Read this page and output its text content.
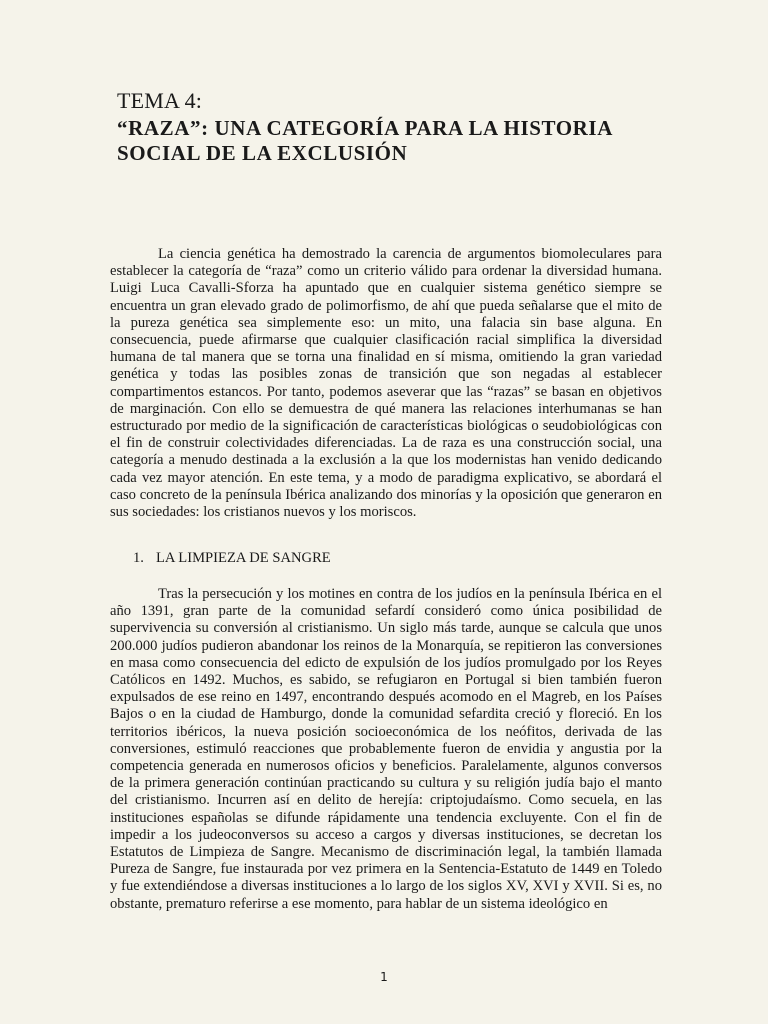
TEMA 4:
“RAZA”: UNA CATEGORÍA PARA LA HISTORIA
SOCIAL DE LA EXCLUSIÓN

La ciencia genética ha demostrado la carencia de argumentos biomoleculares para establecer la categoría de “raza” como un criterio válido para ordenar la diversidad humana. Luigi Luca Cavalli-Sforza ha apuntado que en cualquier sistema genético siempre se encuentra un gran elevado grado de polimorfismo, de ahí que pueda señalarse que el mito de la pureza genética sea simplemente eso: un mito, una falacia sin base alguna. En consecuencia, puede afirmarse que cualquier clasificación racial simplifica la diversidad humana de tal manera que se torna una finalidad en sí misma, omitiendo la gran variedad genética y todas las posibles zonas de transición que son negadas al establecer compartimentos estancos. Por tanto, podemos aseverar que las “razas” se basan en objetivos de marginación. Con ello se demuestra de qué manera las relaciones interhumanas se han estructurado por medio de la significación de características biológicas o seudobiológicas con el fin de construir colectividades diferenciadas. La de raza es una construcción social, una categoría a menudo destinada a la exclusión a la que los modernistas han venido dedicando cada vez mayor atención. En este tema, y a modo de paradigma explicativo, se abordará el caso concreto de la península Ibérica analizando dos minorías y la oposición que generaron en sus sociedades: los cristianos nuevos y los moriscos.

1. LA LIMPIEZA DE SANGRE

Tras la persecución y los motines en contra de los judíos en la península Ibérica en el año 1391, gran parte de la comunidad sefardí consideró como única posibilidad de supervivencia su conversión al cristianismo. Un siglo más tarde, aunque se calcula que unos 200.000 judíos pudieron abandonar los reinos de la Monarquía, se repitieron las conversiones en masa como consecuencia del edicto de expulsión de los judíos promulgado por los Reyes Católicos en 1492. Muchos, es sabido, se refugiaron en Portugal si bien también fueron expulsados de ese reino en 1497, encontrando después acomodo en el Magreb, en los Países Bajos o en la ciudad de Hamburgo, donde la comunidad sefardita creció y floreció. En los territorios ibéricos, la nueva posición socioeconómica de los neófitos, derivada de las conversiones, estimuló reacciones que probablemente fueron de envidia y angustia por la competencia generada en numerosos oficios y beneficios. Paralelamente, algunos conversos de la primera generación continúan practicando su cultura y su religión judía bajo el manto del cristianismo. Incurren así en delito de herejía: criptojudaísmo. Como secuela, en las instituciones españolas se difunde rápidamente una tendencia excluyente. Con el fin de impedir a los judeoconversos su acceso a cargos y diversas instituciones, se decretan los Estatutos de Limpieza de Sangre. Mecanismo de discriminación legal, la también llamada Pureza de Sangre, fue instaurada por vez primera en la Sentencia-Estatuto de 1449 en Toledo y fue extendiéndose a diversas instituciones a lo largo de los siglos XV, XVI y XVII. Si es, no obstante, prematuro referirse a ese momento, para hablar de un sistema ideológico en

1
